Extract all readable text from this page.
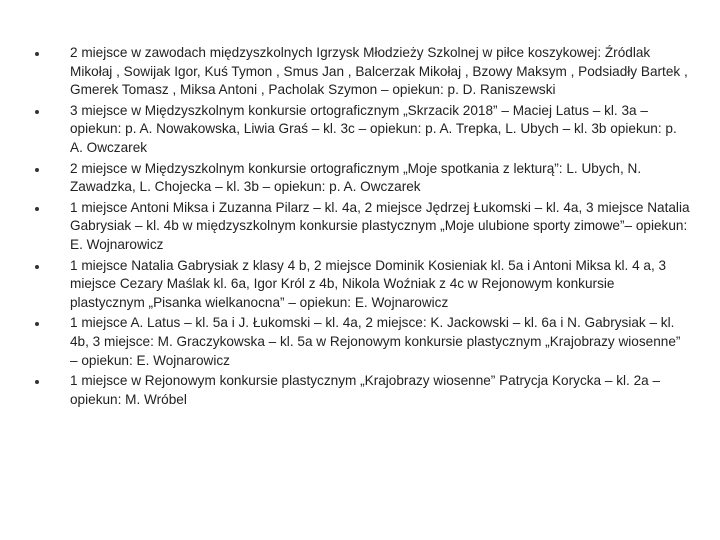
2 miejsce w zawodach międzyszkolnych Igrzysk Młodzieży Szkolnej w piłce koszykowej: Źródlak Mikołaj , Sowijak Igor, Kuś Tymon , Smus Jan , Balcerzak Mikołaj , Bzowy Maksym , Podsiadły Bartek , Gmerek Tomasz , Miksa Antoni , Pacholak Szymon – opiekun: p. D. Raniszewski
3 miejsce w Międzyszkolnym konkursie ortograficznym „Skrzacik 2018” – Maciej Latus – kl. 3a – opiekun: p. A. Nowakowska, Liwia Graś – kl. 3c – opiekun: p. A. Trepka, L. Ubych – kl. 3b opiekun: p. A. Owczarek
2 miejsce w Międzyszkolnym konkursie ortograficznym „Moje spotkania z lekturą”: L. Ubych, N. Zawadzka, L. Chojecka – kl. 3b – opiekun: p. A. Owczarek
1 miejsce Antoni Miksa i Zuzanna Pilarz – kl. 4a, 2 miejsce Jędrzej Łukomski – kl. 4a, 3 miejsce Natalia Gabrysiak – kl. 4b w międzyszkolnym konkursie plastycznym „Moje ulubione sporty zimowe”– opiekun: E. Wojnarowicz
1 miejsce Natalia Gabrysiak z klasy 4 b, 2 miejsce Dominik Kosieniak kl. 5a i Antoni Miksa kl. 4 a, 3 miejsce Cezary Maślak kl. 6a, Igor Król z 4b, Nikola Woźniak z 4c w Rejonowym konkursie plastycznym „Pisanka wielkanocna” – opiekun: E. Wojnarowicz
1 miejsce A. Latus – kl. 5a i J. Łukomski – kl. 4a, 2 miejsce: K. Jackowski – kl. 6a i N. Gabrysiak – kl. 4b, 3 miejsce: M. Graczykowska – kl. 5a w Rejonowym konkursie plastycznym „Krajobrazy wiosenne” – opiekun: E. Wojnarowicz
1 miejsce w Rejonowym konkursie plastycznym „Krajobrazy wiosenne” Patrycja Korycka – kl. 2a – opiekun: M. Wróbel
